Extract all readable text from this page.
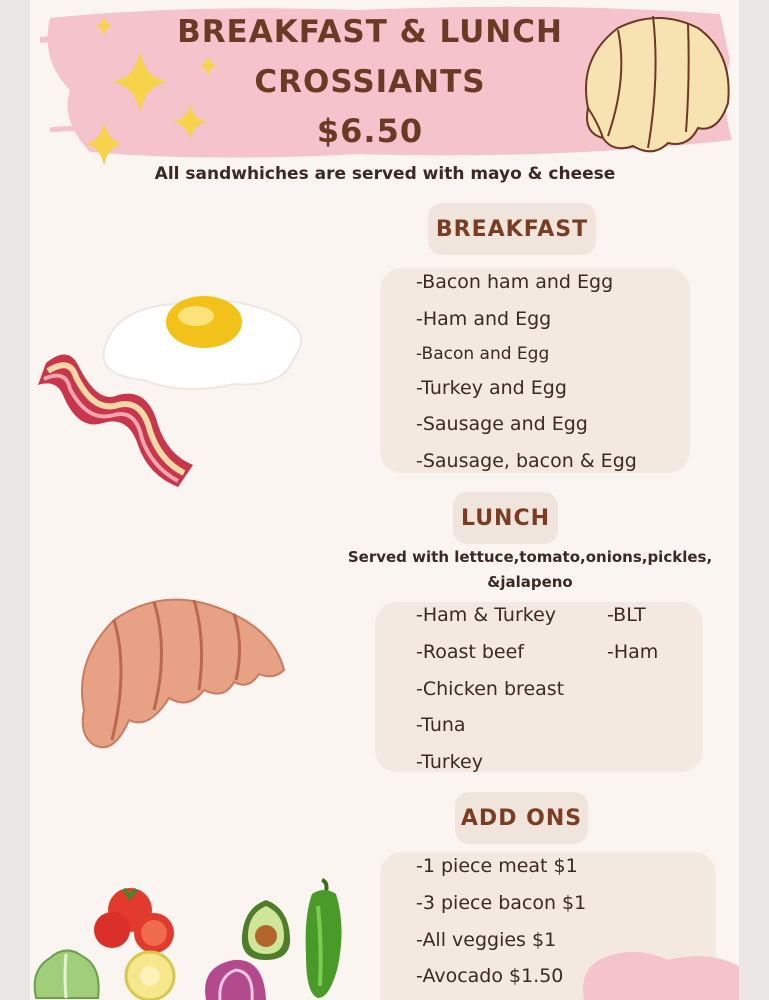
BREAKFAST & LUNCH
CROSSIANTS
$6.50
All sandwhiches are served with mayo & cheese
BREAKFAST
-Bacon ham and Egg
-Ham and Egg
-Bacon and Egg
-Turkey and Egg
-Sausage and Egg
-Sausage, bacon & Egg
LUNCH
Served with lettuce,tomato,onions,pickles,
&jalapeno
-Ham & Turkey
-Roast beef
-Chicken breast
-Tuna
-Turkey
-BLT
-Ham
ADD ONS
-1 piece meat $1
-3 piece bacon $1
-All veggies $1
-Avocado $1.50
